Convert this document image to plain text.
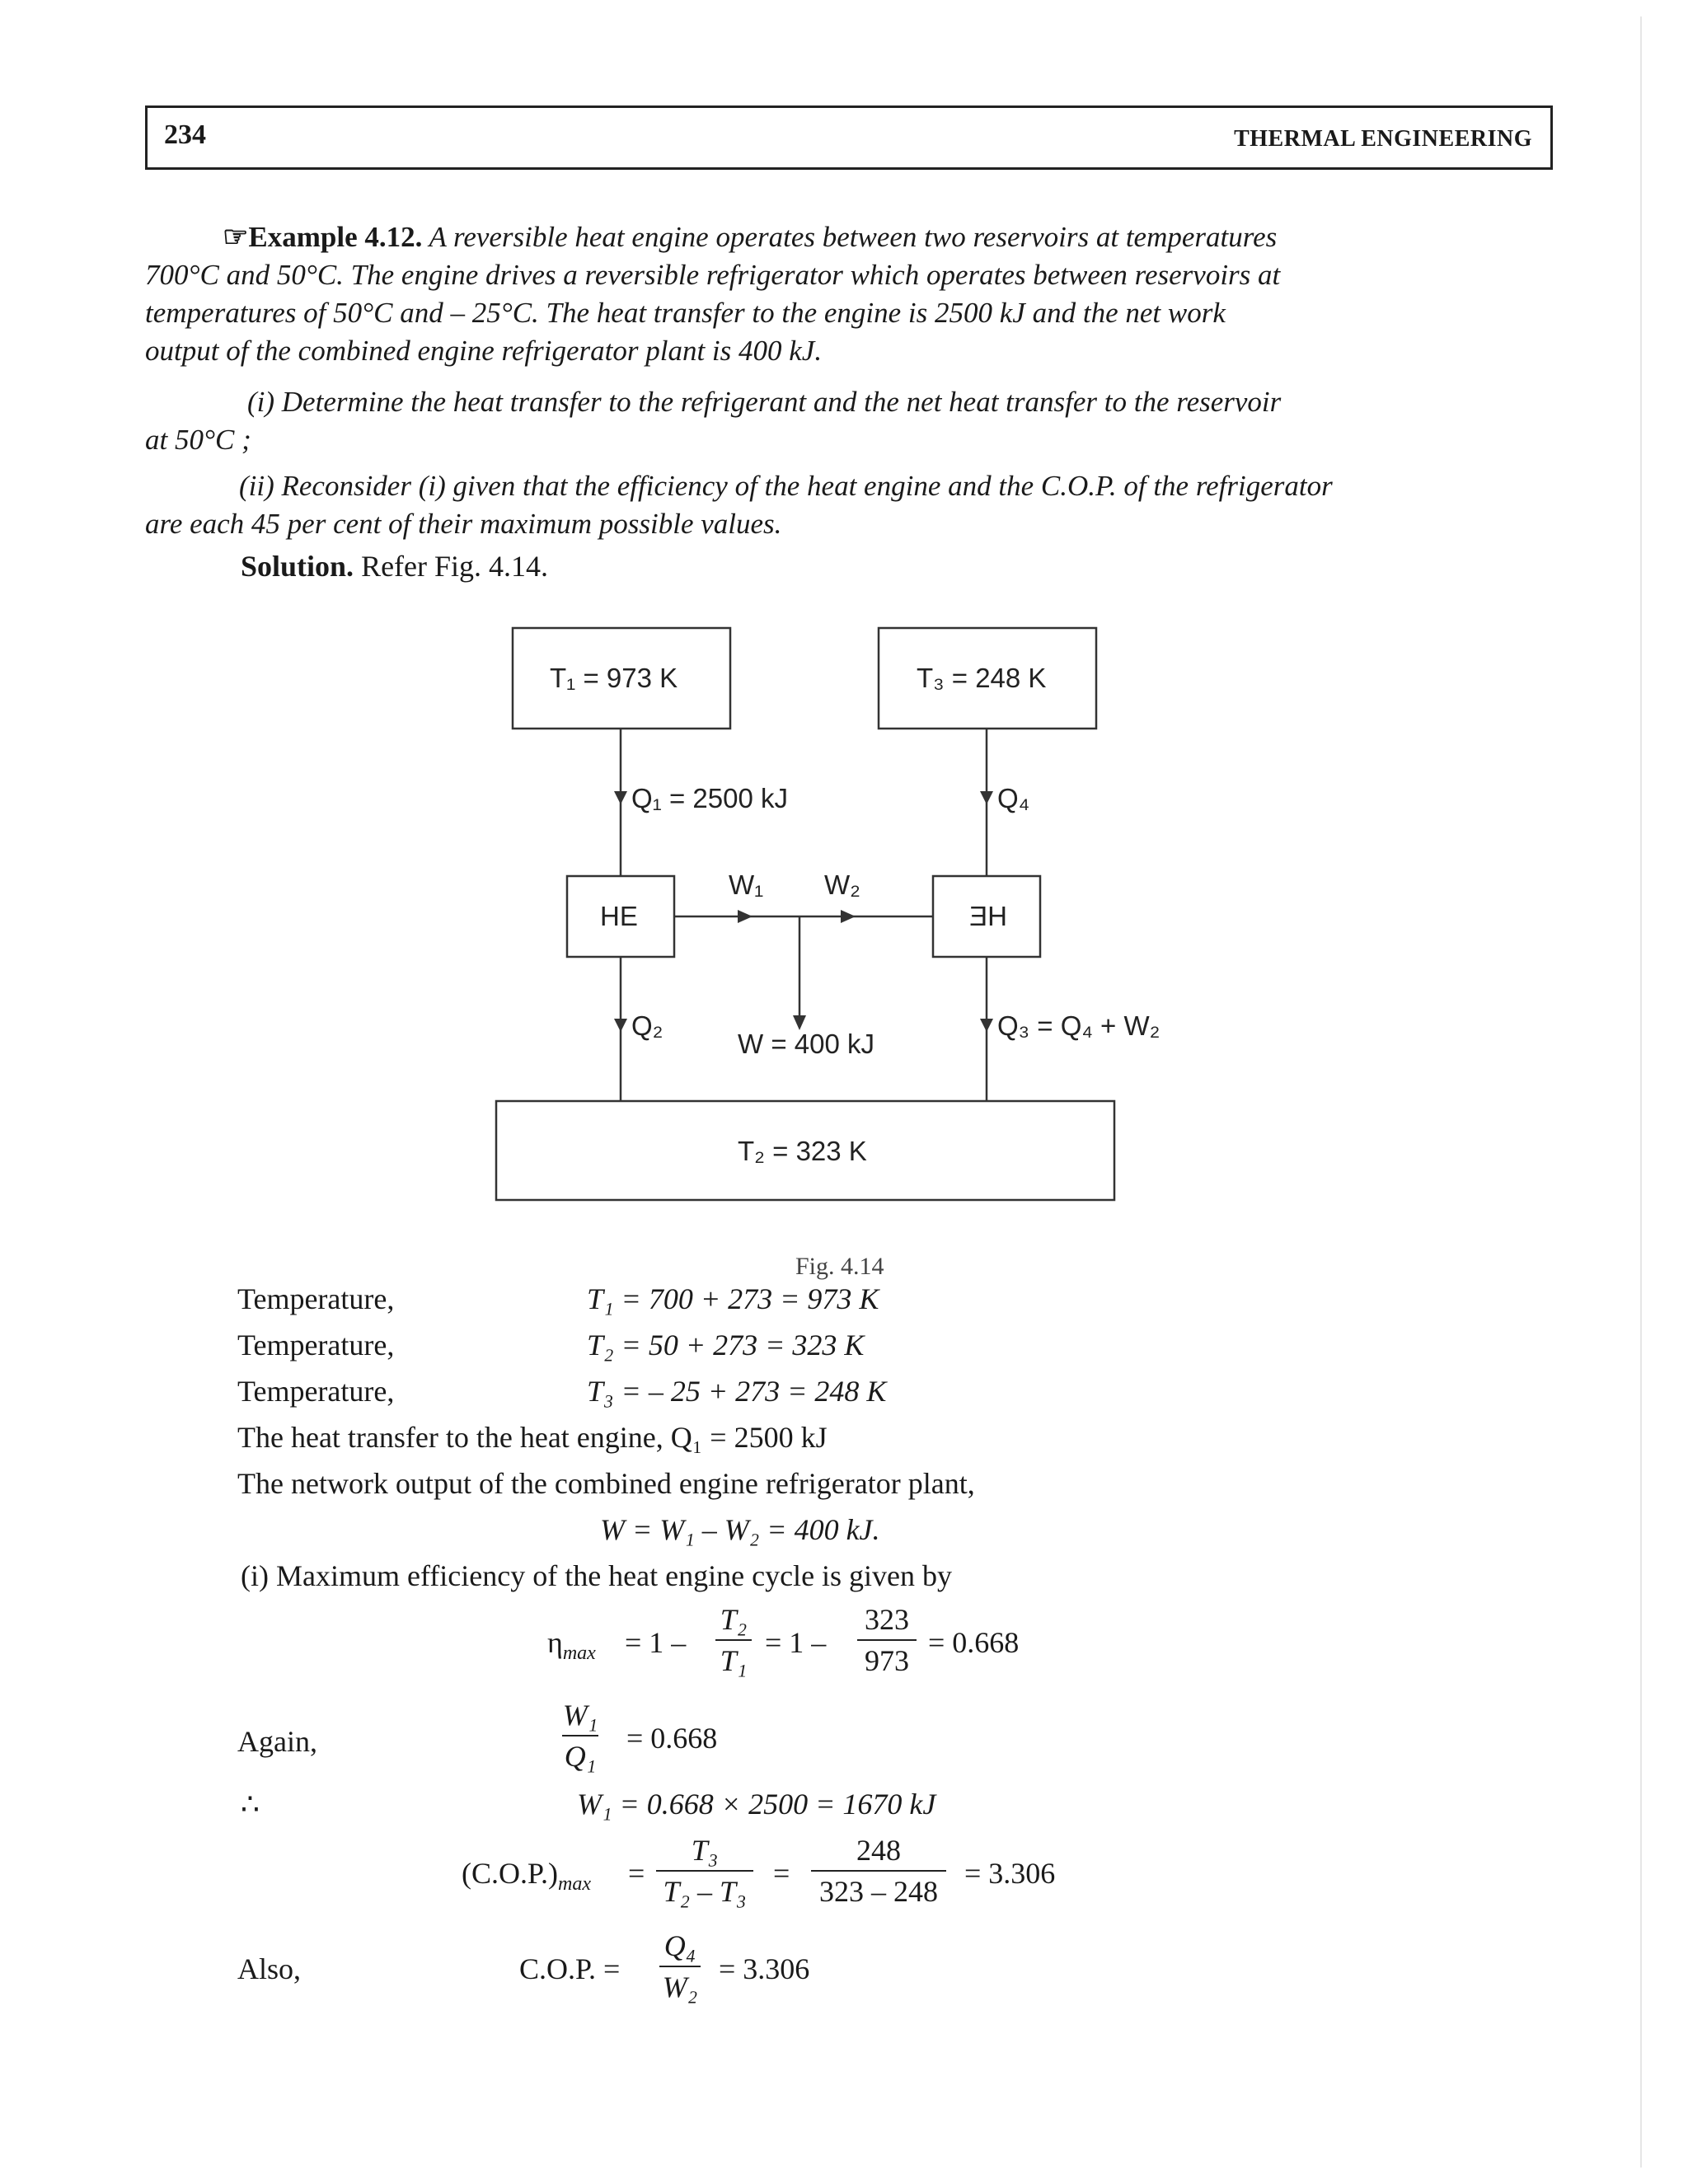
234	THERMAL ENGINEERING
☞Example 4.12. A reversible heat engine operates between two reservoirs at temperatures
700°C and 50°C. The engine drives a reversible refrigerator which operates between reservoirs at
temperatures of 50°C and – 25°C. The heat transfer to the engine is 2500 kJ and the net work
output of the combined engine refrigerator plant is 400 kJ.
(i) Determine the heat transfer to the refrigerant and the net heat transfer to the reservoir
at 50°C ;
(ii) Reconsider (i) given that the efficiency of the heat engine and the C.O.P. of the refrigerator
are each 45 per cent of their maximum possible values.
Solution. Refer Fig. 4.14.
T₁ = 973 K	T₃ = 248 K
Q₁ = 2500 kJ	Q₄
HE	HE
W₁ W₂
Q₂
W = 400 kJ
Q₃ = Q₄ + W₂
T₂ = 323 K
Fig. 4.14
Temperature,	T₁ = 700 + 273 = 973 K
Temperature,	T₂ = 50 + 273 = 323 K
Temperature,	T₃ = – 25 + 273 = 248 K
The heat transfer to the heat engine, Q₁ = 2500 kJ
The network output of the combined engine refrigerator plant,
W = W₁ – W₂ = 400 kJ.
(i) Maximum efficiency of the heat engine cycle is given by
$\eta_{max} = 1$ –
T₂
T₁
= 1 –
323
973
= 0.668
Again,
W₁
Q₁
= 0.668
∴	W₁ = 0.668 × 2500 = 1670 kJ
$(C.O.P.)_{max}$ =
T₃
T₂ – T₃
=
248
323 – 248
= 3.306
Also,	C.O.P. =
Q₄
W₂
= 3.306
